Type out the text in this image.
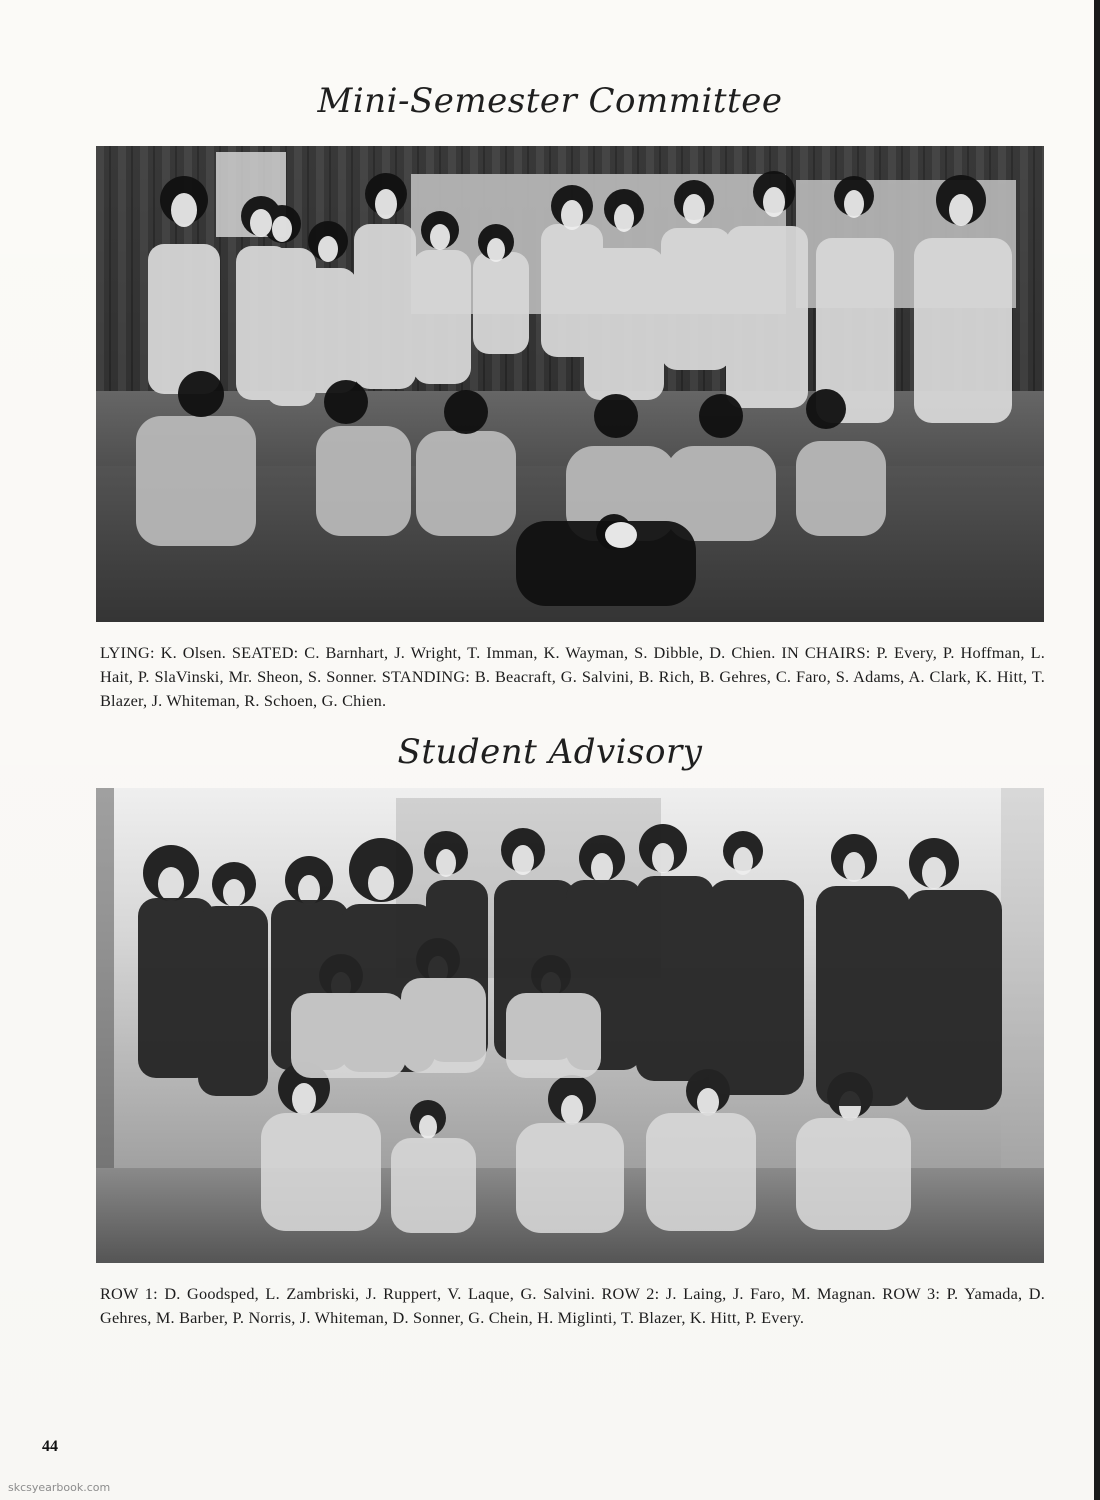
Mini-Semester Committee
LYING: K. Olsen. SEATED: C. Barnhart, J. Wright, T. Imman, K. Wayman, S. Dibble, D. Chien. IN CHAIRS: P. Every, P. Hoffman, L. Hait, P. SlaVinski, Mr. Sheon, S. Sonner. STANDING: B. Beacraft, G. Salvini, B. Rich, B. Gehres, C. Faro, S. Adams, A. Clark, K. Hitt, T. Blazer, J. Whiteman, R. Schoen, G. Chien.
Student Advisory
ROW 1: D. Goodsped, L. Zambriski, J. Ruppert, V. Laque, G. Salvini. ROW 2: J. Laing, J. Faro, M. Magnan. ROW 3: P. Yamada, D. Gehres, M. Barber, P. Norris, J. Whiteman, D. Sonner, G. Chein, H. Miglinti, T. Blazer, K. Hitt, P. Every.
44
skcsyearbook.com
